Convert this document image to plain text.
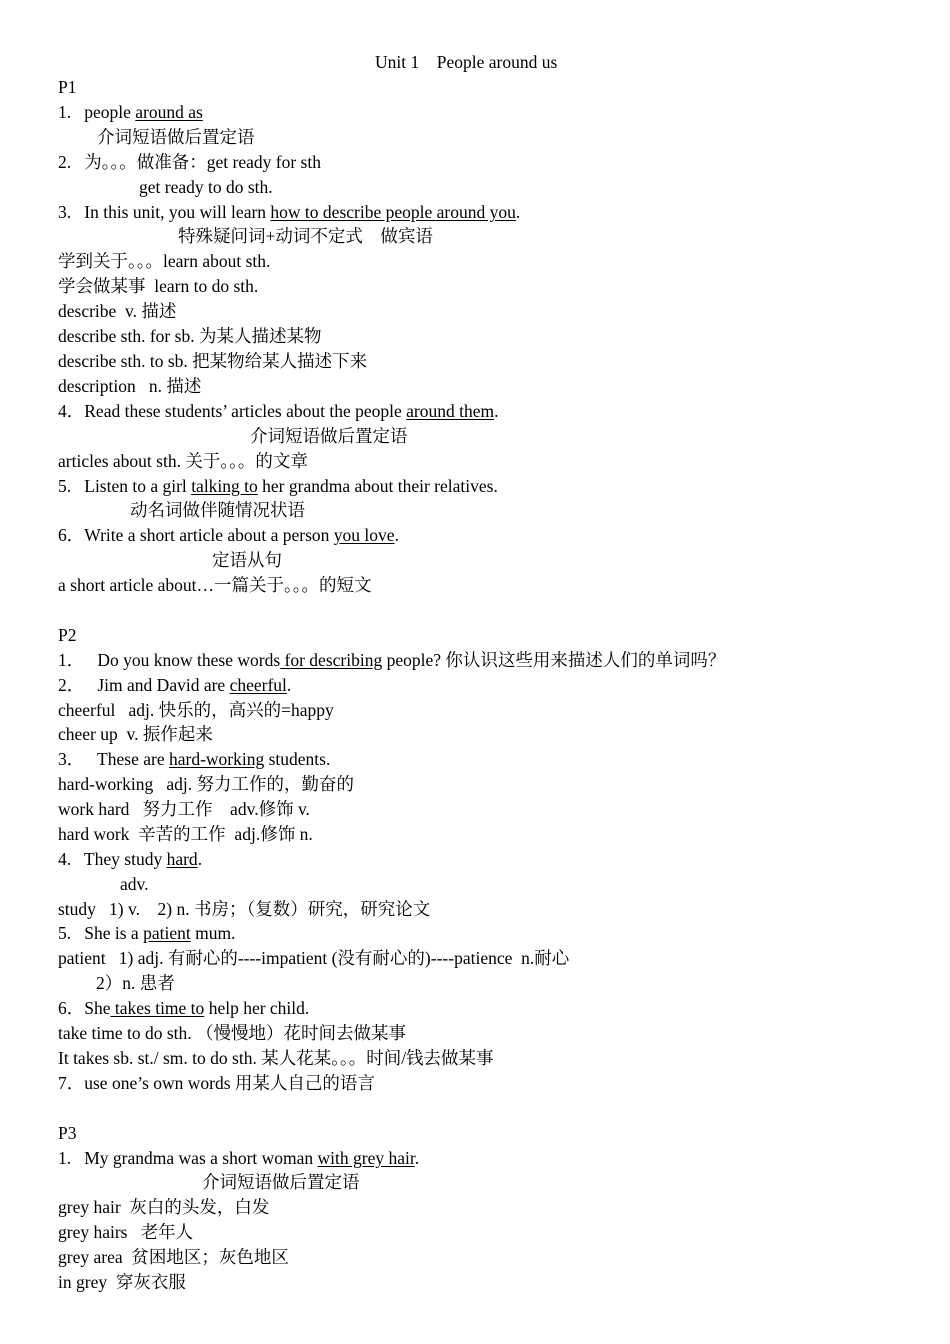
Unit 1    People around us
P1
1.   people around as
介词短语做后置定语
2.   为。。。做准备：get ready for sth
get ready to do sth.
3.   In this unit, you will learn how to describe people around you.
特殊疑问词+动词不定式    做宾语
学到关于。。。learn about sth.
学会做某事  learn to do sth.
describe  v. 描述
describe sth. for sb. 为某人描述某物
describe sth. to sb. 把某物给某人描述下来
description   n. 描述
4．Read these students’ articles about the people around them.
介词短语做后置定语
articles about sth. 关于。。。的文章
5.   Listen to a girl talking to her grandma about their relatives.
动名词做伴随情况状语
6．Write a short article about a person you love.
定语从句
a short article about…一篇关于。。。的短文
P2
1．   Do you know these words for describing people? 你认识这些用来描述人们的单词吗？
2．   Jim and David are cheerful.
cheerful   adj. 快乐的，高兴的=happy
cheer up  v. 振作起来
3．   These are hard-working students.
hard-working   adj. 努力工作的，勤奋的
work hard   努力工作    adv.修饰 v.
hard work  辛苦的工作  adj.修饰 n.
4.   They study hard.
adv.
study   1) v.    2) n. 书房；（复数）研究，研究论文
5.   She is a patient mum.
patient   1) adj. 有耐心的----impatient (没有耐心的)----patience  n.耐心
2）n. 患者
6．She takes time to help her child.
take time to do sth. （慢慢地）花时间去做某事
It takes sb. st./ sm. to do sth. 某人花某。。。时间/钱去做某事
7．use one’s own words 用某人自己的语言
P3
1.   My grandma was a short woman with grey hair.
介词短语做后置定语
grey hair  灰白的头发，白发
grey hairs   老年人
grey area  贫困地区；灰色地区
in grey  穿灰衣服
